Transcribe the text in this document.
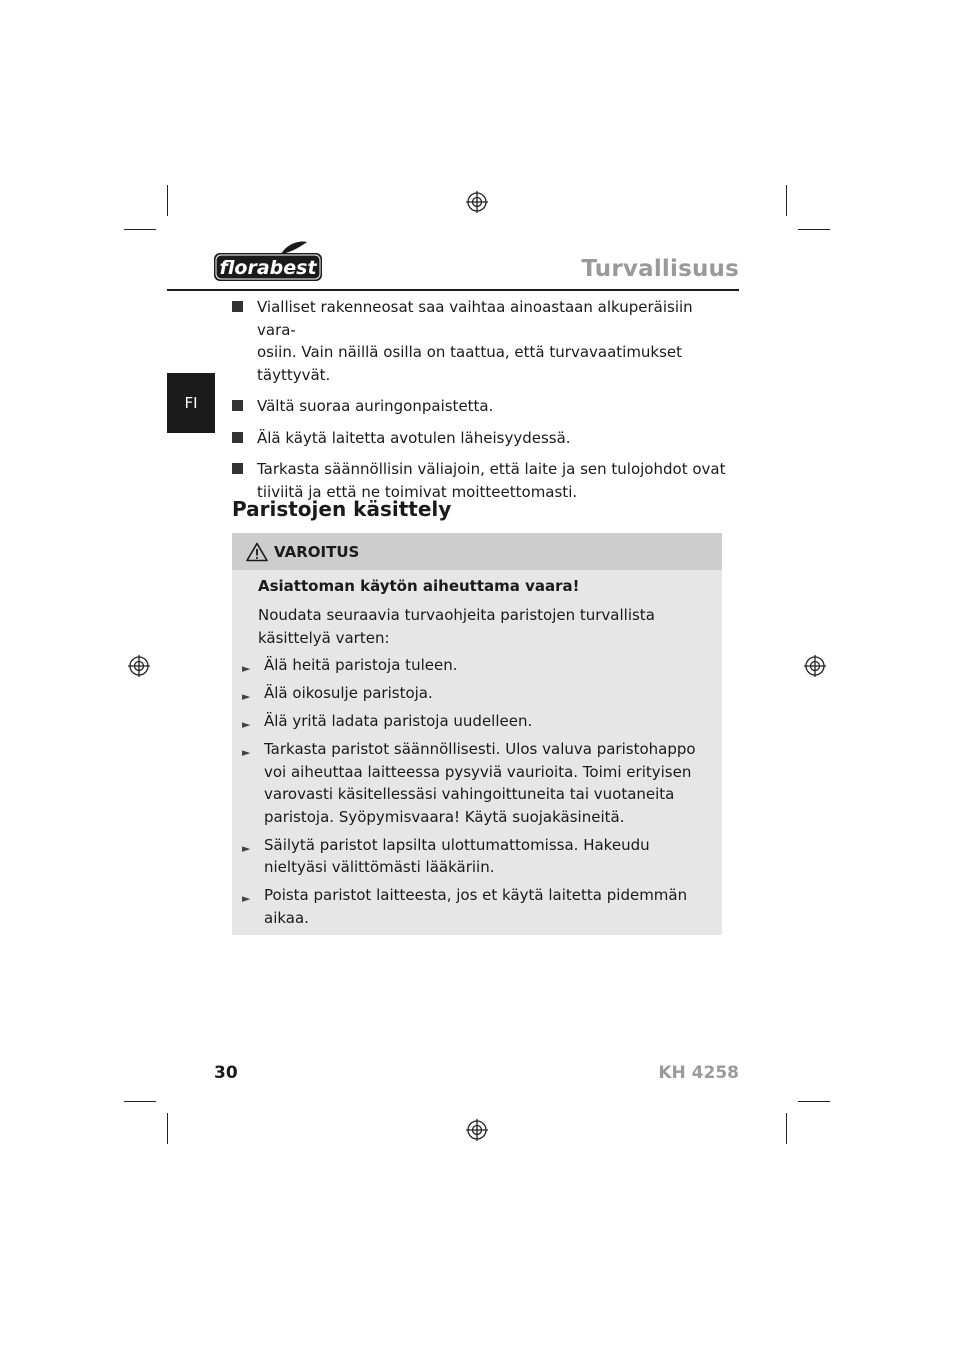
florabest	Turvallisuus
FI
Vialliset rakenneosat saa vaihtaa ainoastaan alkuperäisiin vara-
osiin. Vain näillä osilla on taattua, että turvavaatimukset täyttyvät.
Vältä suoraa auringonpaistetta.
Älä käytä laitetta avotulen läheisyydessä.
Tarkasta säännöllisin väliajoin, että laite ja sen tulojohdot ovat
tiiviitä ja että ne toimivat moitteettomasti.
Paristojen käsittely
VAROITUS
Asiattoman käytön aiheuttama vaara!
Noudata seuraavia turvaohjeita paristojen turvallista käsittelyä varten:
► Älä heitä paristoja tuleen.
► Älä oikosulje paristoja.
► Älä yritä ladata paristoja uudelleen.
► Tarkasta paristot säännöllisesti. Ulos valuva paristohappo voi aiheuttaa laitteessa pysyviä vaurioita. Toimi erityisen varovasti käsitellessäsi vahingoittuneita tai vuotaneita paristoja. Syöpymisvaara! Käytä suojakäsineitä.
► Säilytä paristot lapsilta ulottumattomissa. Hakeudu nieltyäsi välittömästi lääkäriin.
► Poista paristot laitteesta, jos et käytä laitetta pidemmän aikaa.
30	KH 4258
